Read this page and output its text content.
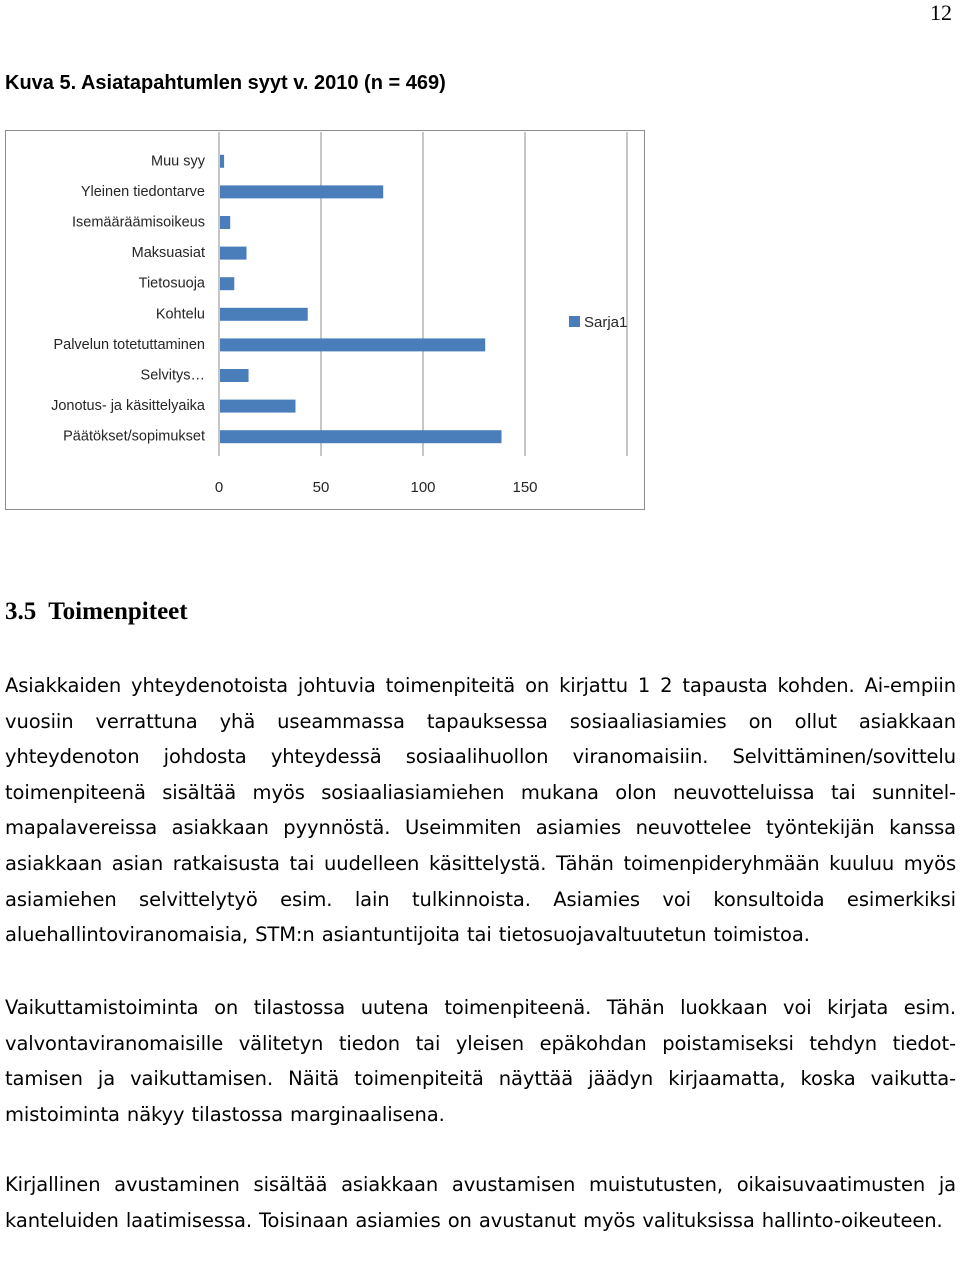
12
Kuva 5. Asiatapahtumlen syyt v. 2010 (n = 469)
Muu syy
Yleinen tiedontarve
Isemääräämisoikeus
Maksuasiat
Tietosuoja
Kohtelu
Palvelun totetuttaminen
Selvitys…
Jonotus- ja käsittelyaika
Päätökset/sopimukset
0	50	100	150
Sarja1
3.5 Toimenpiteet

Asiakkaiden yhteydenotoista johtuvia toimenpiteitä on kirjattu 1 2 tapausta kohden. Ai-empiin vuosiin verrattuna yhä useammassa tapauksessa sosiaaliasiamies on ollut asiakkaan yhteydenoton johdosta yhteydessä sosiaalihuollon viranomaisiin. Selvittäminen/sovittelu toimenpiteenä sisältää myös sosiaaliasiamiehen mukana olon neuvotteluissa tai sunnitel-mapalavereissa asiakkaan pyynnöstä. Useimmiten asiamies neuvottelee työntekijän kanssa asiakkaan asian ratkaisusta tai uudelleen käsittelystä. Tähän toimenpideryhmään kuuluu myös asiamiehen selvittelytyö esim. lain tulkinnoista. Asiamies voi konsultoida esimerkiksi aluehallintoviranomaisia, STM:n asiantuntijoita tai tietosuojavaltuutetun toimistoa.

Vaikuttamistoiminta on tilastossa uutena toimenpiteenä. Tähän luokkaan voi kirjata esim. valvontaviranomaisille välitetyn tiedon tai yleisen epäkohdan poistamiseksi tehdyn tiedot-tamisen ja vaikuttamisen. Näitä toimenpiteitä näyttää jäädyn kirjaamatta, koska vaikutta-mistoiminta näkyy tilastossa marginaalisena.

Kirjallinen avustaminen sisältää asiakkaan avustamisen muistutusten, oikaisuvaatimusten ja kanteluiden laatimisessa. Toisinaan asiamies on avustanut myös valituksissa hallinto-oikeuteen.
